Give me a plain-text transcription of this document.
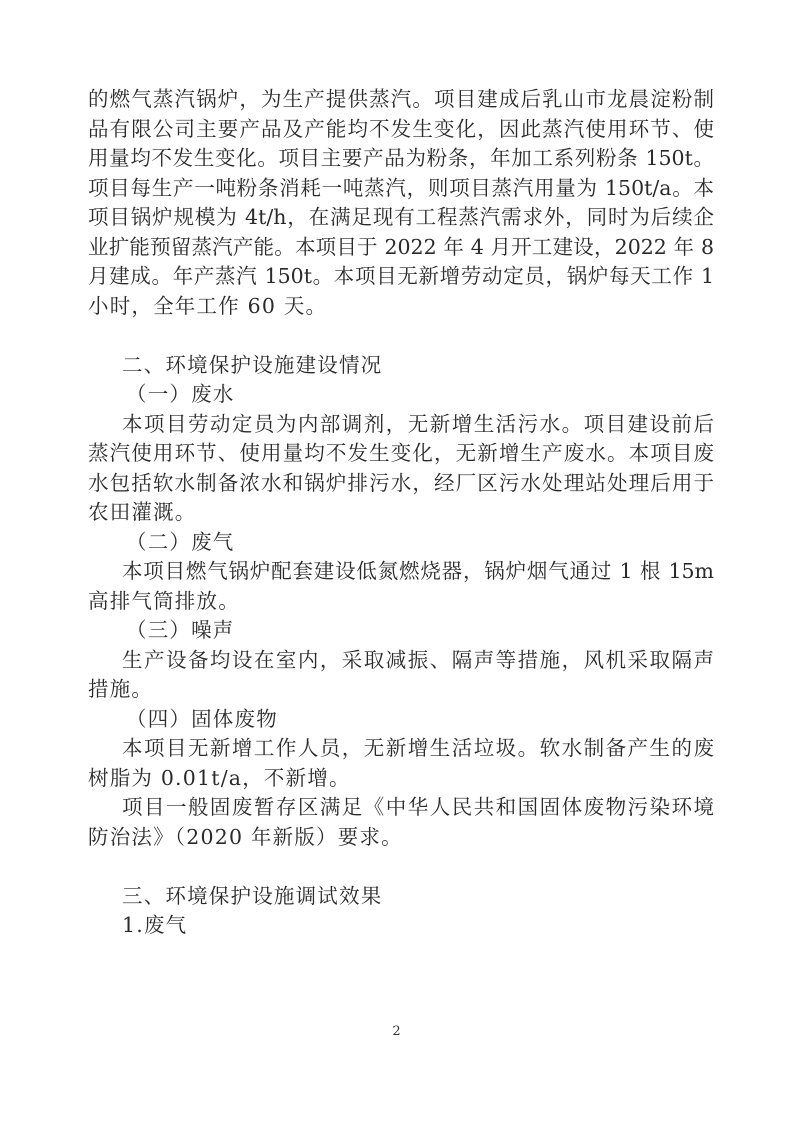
的燃气蒸汽锅炉，为生产提供蒸汽。项目建成后乳山市龙晨淀粉制
品有限公司主要产品及产能均不发生变化，因此蒸汽使用环节、使
用量均不发生变化。项目主要产品为粉条，年加工系列粉条 150t。
项目每生产一吨粉条消耗一吨蒸汽，则项目蒸汽用量为 150t/a。本
项目锅炉规模为 4t/h，在满足现有工程蒸汽需求外，同时为后续企
业扩能预留蒸汽产能。本项目于 2022 年 4 月开工建设，2022 年 8
月建成。年产蒸汽 150t。本项目无新增劳动定员，锅炉每天工作 1
小时，全年工作 60 天。
二、环境保护设施建设情况
（一）废水
本项目劳动定员为内部调剂，无新增生活污水。项目建设前后
蒸汽使用环节、使用量均不发生变化，无新增生产废水。本项目废
水包括软水制备浓水和锅炉排污水，经厂区污水处理站处理后用于
农田灌溉。
（二）废气
本项目燃气锅炉配套建设低氮燃烧器，锅炉烟气通过 1 根 15m
高排气筒排放。
（三）噪声
生产设备均设在室内，采取减振、隔声等措施，风机采取隔声
措施。
（四）固体废物
本项目无新增工作人员，无新增生活垃圾。软水制备产生的废
树脂为 0.01t/a，不新增。
项目一般固废暂存区满足《中华人民共和国固体废物污染环境
防治法》（2020 年新版）要求。
三、环境保护设施调试效果
1.废气
2
